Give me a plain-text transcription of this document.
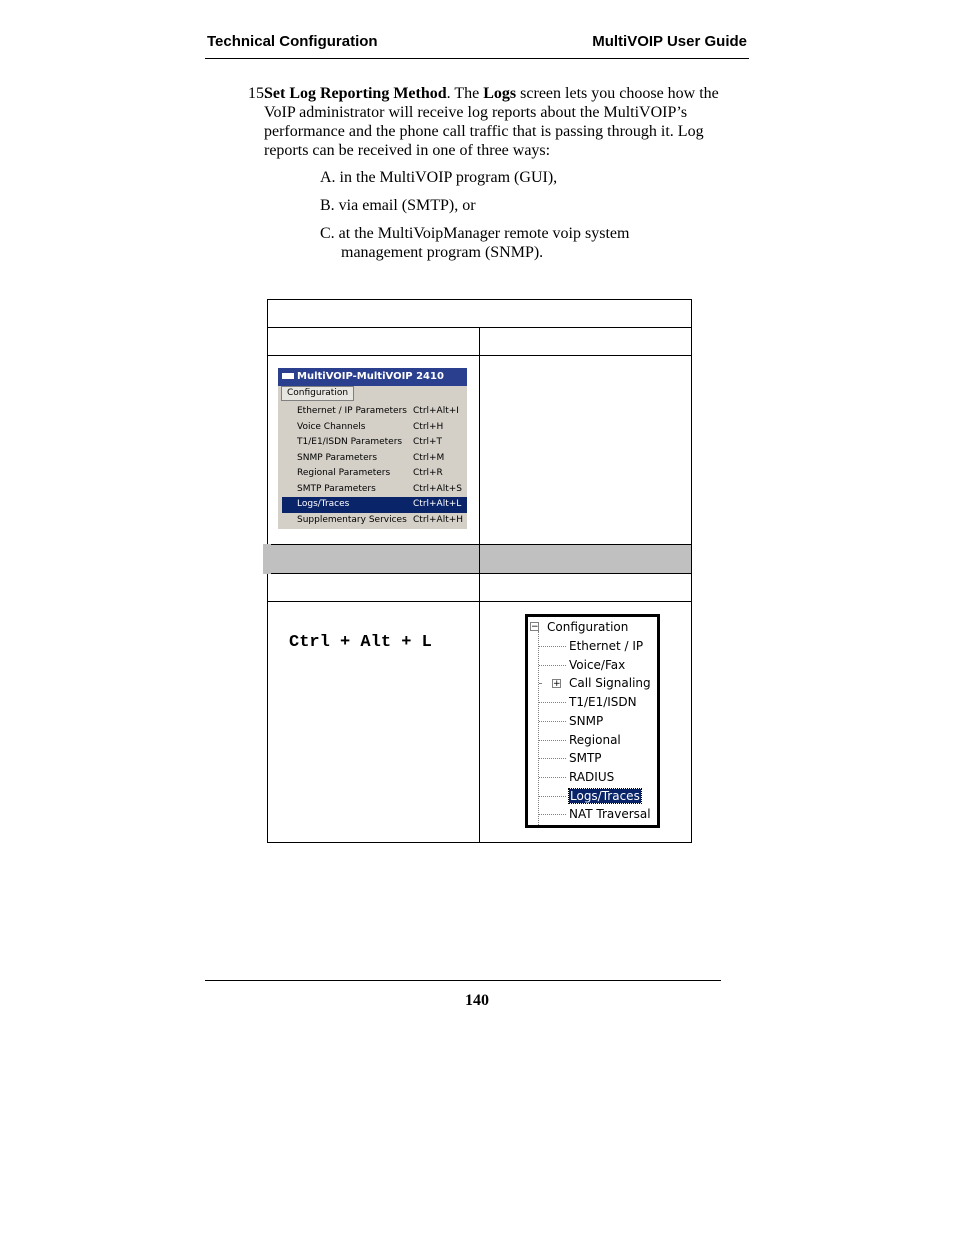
Technical Configuration	MultiVOIP User Guide
15.
Set Log Reporting Method. The Logs screen lets you choose how the VoIP administrator will receive log reports about the MultiVOIP’s performance and the phone call traffic that is passing through it. Log reports can be received in one of three ways:
A. in the MultiVOIP program (GUI),
B. via email (SMTP), or
C. at the MultiVoipManager remote voip system
management program (SNMP).

MultiVOIP-MultiVOIP 2410
Configuration
Ethernet / IP Parameters Ctrl+Alt+I
Voice Channels	Ctrl+H
T1/E1/ISDN Parameters Ctrl+T
SNMP Parameters	Ctrl+M
Regional Parameters	Ctrl+R
SMTP Parameters	Ctrl+Alt+S
Logs/Traces	Ctrl+Alt+L
Supplementary Services Ctrl+Alt+H
Ctrl + Alt + L
− Configuration
Ethernet / IP
Voice/Fax
Call Signaling
T1/E1/ISDN
SNMP
Regional
SMTP
RADIUS
Logs/Traces
NAT Traversal
+
140
